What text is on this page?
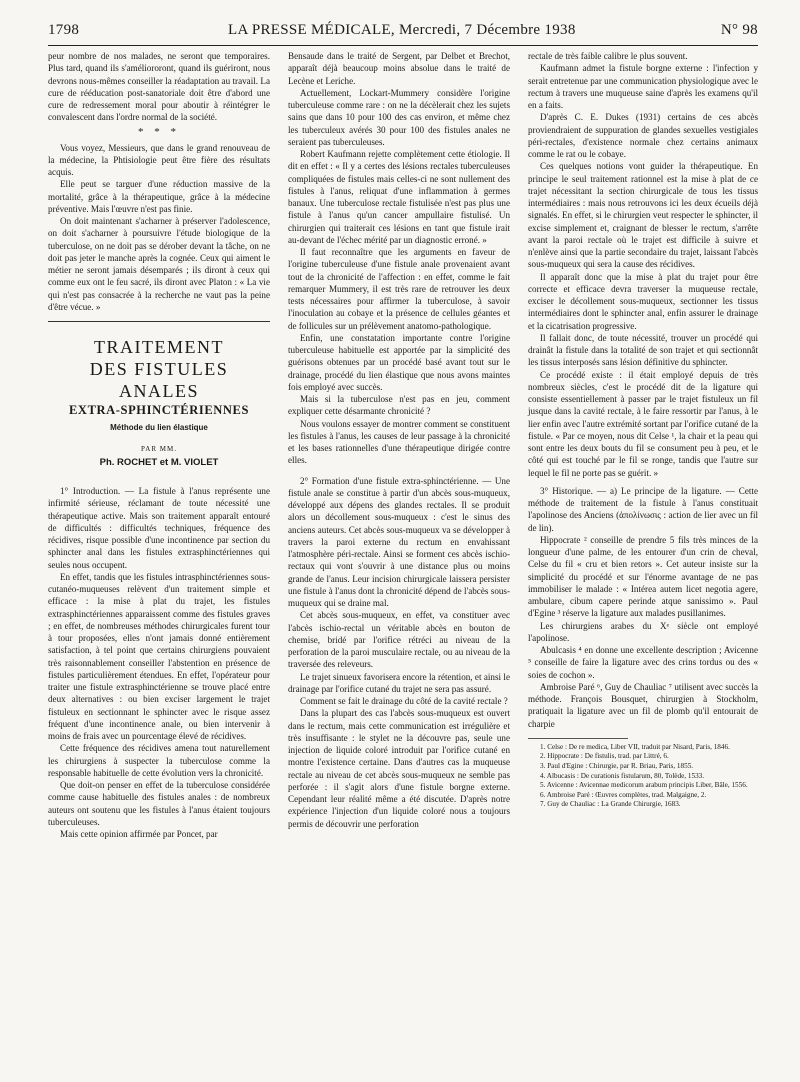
1798	LA PRESSE MÉDICALE, Mercredi, 7 Décembre 1938	N° 98

peur nombre de nos malades, ne seront que temporaires. Plus tard, quand ils s'améliororont, quand ils guériront, nous devrons nous-mêmes conseiller la réadaptation au travail. La cure de rééducation post-sanatoriale doit être d'abord une cure de redressement moral pour aboutir à réintégrer le convalescent dans l'ordre normal de la société.

* * *

Vous voyez, Messieurs, que dans le grand renouveau de la médecine, la Phtisiologie peut être fière des résultats acquis.

Elle peut se targuer d'une réduction massive de la mortalité, grâce à la thérapeutique, grâce à la médecine préventive. Mais l'œuvre n'est pas finie.

On doit maintenant s'acharner à préserver l'adolescence, on doit s'acharner à poursuivre l'étude biologique de la tuberculose, on ne doit pas se dérober devant la tâche, on ne doit pas jeter le manche après la cognée. Ceux qui aiment le métier ne seront jamais désemparés ; ils diront à ceux qui comme eux ont le feu sacré, ils diront avec Platon : « La vie qui n'est pas consacrée à la recherche ne vaut pas la peine d'être vécue. »

TRAITEMENT
DES FISTULES ANALES
EXTRA-SPHINCTÉRIENNES
Méthode du lien élastique
PAR MM.
Ph. ROCHET et M. VIOLET

1° Introduction. — La fistule à l'anus représente une infirmité sérieuse, réclamant de toute nécessité une thérapeutique active. Mais son traitement apparaît entouré de difficultés : difficultés techniques, fréquence des récidives, risque possible d'une incontinence par section du sphincter anal dans les fistules extrasphinctériennes qui seules nous occupent.

En effet, tandis que les fistules intrasphinctériennes sous-cutanéo-muqueuses relèvent d'un traitement simple et efficace : la mise à plat du trajet, les fistules extrasphinctériennes apparaissent comme des fistules graves ; en effet, de nombreuses méthodes chirurgicales furent tour à tour proposées, elles n'ont jamais donné entièrement satisfaction, à tel point que certains chirurgiens pouvaient très raisonnablement conseiller l'abstention en présence de fistules particulièrement étendues. En effet, l'opérateur pour traiter une fistule extrasphinctérienne se trouve placé entre deux alternatives : ou bien exciser largement le trajet fistuleux en sectionnant le sphincter avec le risque assez fréquent d'une incontinence anale, ou bien intervenir à moins de frais avec un pourcentage élevé de récidives.

Cette fréquence des récidives amena tout naturellement les chirurgiens à suspecter la tuberculose comme la responsable habituelle de cette évolution vers la chronicité.

Que doit-on penser en effet de la tuberculose considérée comme cause habituelle des fistules anales : de nombreux auteurs ont soutenu que les fistules à l'anus étaient toujours tuberculeuses.

Mais cette opinion affirmée par Poncet, par

Bensaude dans le traité de Sergent, par Delbet et Brechot, apparaît déjà beaucoup moins absolue dans le traité de Lecène et Leriche.

Actuellement, Lockart-Mummery considère l'origine tuberculeuse comme rare : on ne la décèlerait chez les sujets sains que dans 10 pour 100 des cas environ, et même chez les tuberculeux avérés 30 pour 100 des fistules anales ne seraient pas tuberculeuses.

Robert Kaufmann rejette complètement cette étiologie. Il dit en effet : « Il y a certes des lésions rectales tuberculeuses compliquées de fistules mais celles-ci ne sont nullement des fistules à l'anus, reliquat d'une inflammation à germes banaux. Une tuberculose rectale fistulisée n'est pas plus une fistule à l'anus qu'un cancer ampullaire fistulisé. Un chirurgien qui traiterait ces lésions en tant que fistule irait au-devant de l'échec mérité par un diagnostic erroné. »

Il faut reconnaître que les arguments en faveur de l'origine tuberculeuse d'une fistule anale provenaient avant tout de la chronicité de l'affection : en effet, comme le fait remarquer Mummery, il est très rare de retrouver les deux tests nécessaires pour affirmer la tuberculose, à savoir l'inoculation au cobaye et la présence de cellules géantes et de follicules sur un prélèvement anatomo-pathologique.

Enfin, une constatation importante contre l'origine tuberculeuse habituelle est apportée par la simplicité des guérisons obtenues par un procédé basé avant tout sur le drainage, procédé du lien élastique que nous avons maintes fois employé avec succès.

Mais si la tuberculose n'est pas en jeu, comment expliquer cette désarmante chronicité ?

Nous voulons essayer de montrer comment se constituent les fistules à l'anus, les causes de leur passage à la chronicité et les bases rationnelles d'une thérapeutique dirigée contre elles.

2° Formation d'une fistule extra-sphinctérienne. — Une fistule anale se constitue à partir d'un abcès sous-muqueux, développé aux dépens des glandes rectales. Il se produit alors un décollement sous-muqueux : c'est le sinus des anciens auteurs. Cet abcès sous-muqueux va se développer à travers la paroi externe du rectum en envahissant l'atmosphère péri-rectale. Ainsi se forment ces abcès ischio-rectaux qui vont s'ouvrir à une distance plus ou moins grande de l'anus. Leur incision chirurgicale laissera persister une fistule à l'anus dont la chronicité dépend de l'abcès sous-muqueux qui se draine mal.

Cet abcès sous-muqueux, en effet, va constituer avec l'abcès ischio-rectal un véritable abcès en bouton de chemise, bridé par l'orifice rétréci au niveau de la perforation de la paroi musculaire rectale, ou au niveau de la traversée des releveurs.

Le trajet sinueux favorisera encore la rétention, et ainsi le drainage par l'orifice cutané du trajet ne sera pas assuré.

Comment se fait le drainage du côté de la cavité rectale ?

Dans la plupart des cas l'abcès sous-muqueux est ouvert dans le rectum, mais cette communication est irrégulière et très insuffisante : le stylet ne la découvre pas, seule une injection de liquide coloré introduit par l'orifice cutané en montre l'existence certaine. Dans d'autres cas la muqueuse rectale au niveau de cet abcès sous-muqueux ne semble pas perforée : il s'agit alors d'une fistule borgne externe. Cependant leur réalité même a été discutée. D'après notre expérience l'injection d'un liquide coloré nous a toujours permis de découvrir une perforation

rectale de très faible calibre le plus souvent.

Kaufmann admet la fistule borgne externe : l'infection y serait entretenue par une communication physiologique avec le rectum à travers une muqueuse saine d'après les examens qu'il en a faits.

D'après C. E. Dukes (1931) certains de ces abcès proviendraient de suppuration de glandes sexuelles vestigiales péri-rectales, d'existence normale chez certains animaux comme le rat ou le cobaye.

Ces quelques notions vont guider la thérapeutique. En principe le seul traitement rationnel est la mise à plat de ce trajet nécessitant la section chirurgicale de tous les tissus intermédiaires : mais nous retrouvons ici les deux écueils déjà signalés. En effet, si le chirurgien veut respecter le sphincter, il excise simplement et, craignant de blesser le rectum, s'arrête avant la paroi rectale où le trajet est difficile à suivre et n'enlève ainsi que la partie secondaire du trajet, laissant l'abcès sous-muqueux qui sera la cause des récidives.

Il apparaît donc que la mise à plat du trajet pour être correcte et efficace devra traverser la muqueuse rectale, exciser le décollement sous-muqueux, sectionner les tissus intermédiaires dont le sphincter anal, enfin assurer le drainage et la cicatrisation progressive.

Il fallait donc, de toute nécessité, trouver un procédé qui drainât la fistule dans la totalité de son trajet et qui sectionnât les tissus interposés sans lésion définitive du sphincter.

Ce procédé existe : il était employé depuis de très nombreux siècles, c'est le procédé dit de la ligature qui consiste essentiellement à passer par le trajet fistuleux un fil jusque dans la cavité rectale, à le faire ressortir par l'anus, à le lier enfin avec l'autre extrémité sortant par l'orifice cutané de la fistule. « Par ce moyen, nous dit Celse ¹, la chair et la peau qui sont entre les deux bouts du fil se consument peu à peu, et le côté qui est touché par le fil se ronge, tandis que l'autre sur lequel le fil ne porte pas se guérit. »

3° Historique. — a) Le principe de la ligature. — Cette méthode de traitement de la fistule à l'anus constituait l'apolinose des Anciens (ἀπολίνωσις : action de lier avec un fil de lin).

Hippocrate ² conseille de prendre 5 fils très minces de la longueur d'une palme, de les entourer d'un crin de cheval, Celse du fil « cru et bien retors ». Cet auteur insiste sur la simplicité du procédé et sur l'énorme avantage de ne pas immobiliser le malade : « Intérea autem licet negotia agere, ambulare, cibum capere perinde atque sanissimo ». Paul d'Egine ³ réserve la ligature aux malades pusillanimes.

Les chirurgiens arabes du Xᵉ siècle ont employé l'apolinose.

Abulcasis ⁴ en donne une excellente description ; Avicenne ⁵ conseille de faire la ligature avec des crins tordus ou des « soies de cochon ».

Ambroise Paré ⁶, Guy de Chauliac ⁷ utilisent avec succès la méthode. François Bousquet, chirurgien à Stockholm, pratiquait la ligature avec un fil de plomb qu'il entourait de charpie

1. Celse : De re medica, Liber VII, traduit par Nisard, Paris, 1846.

2. Hippocrate : De fistulis, trad. par Littré, 6.

3. Paul d'Egine : Chirurgie, par R. Briau, Paris, 1855.

4. Albucasis : De curationis fistularum, 80, Tolède, 1533.

5. Avicenne : Avicennae medicorum arabum principis Liber, Bâle, 1556.

6. Ambroise Paré : Œuvres complètes, trad. Malgaigne, 2.

7. Guy de Chauliac : La Grande Chirurgie, 1683.
